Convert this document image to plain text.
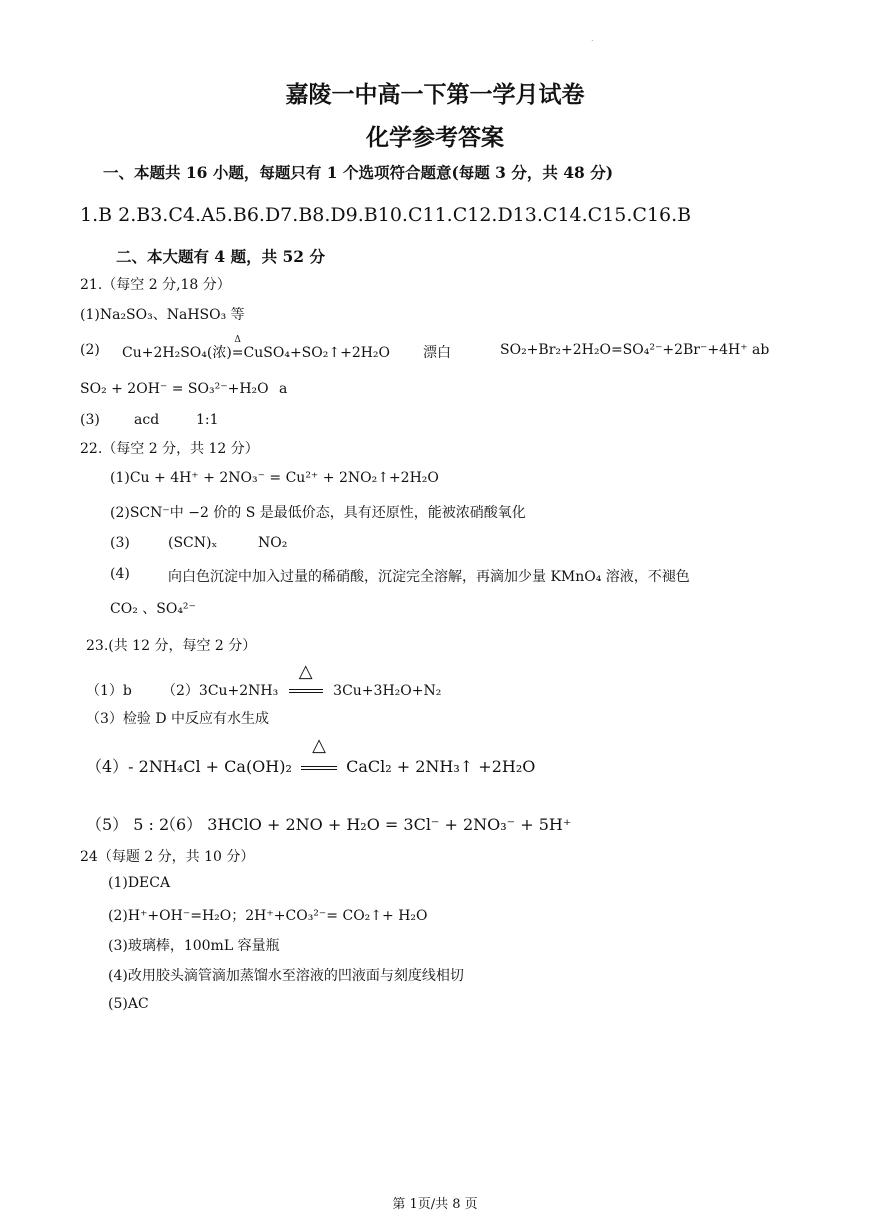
.
嘉陵一中高一下第一学月试卷
化学参考答案
一、本题共 16 小题，每题只有 1 个选项符合题意(每题 3 分，共 48 分)
1.B 2.B3.C4.A5.B6.D7.B8.D9.B10.C11.C12.D13.C14.C15.C16.B
二、本大题有 4 题，共 52 分
21.（每空 2 分,18 分）
(1)Na₂SO₃、NaHSO₃ 等
(2) Cu+2H₂SO₄(浓)
Δ
=CuSO₄+SO₂↑+2H₂O 漂白	SO₂+Br₂+2H₂O=SO₄²⁻+2Br⁻+4H⁺ ab
SO₂ + 2OH⁻ = SO₃²⁻+H₂O a
(3) acd	1:1
22.（每空 2 分，共 12 分）
(1)Cu + 4H⁺ + 2NO₃⁻ = Cu²⁺ + 2NO₂↑+2H₂O
(2)SCN⁻中 −2 价的 S 是最低价态，具有还原性，能被浓硝酸氧化
(3)	(SCN)ₓ	NO₂
(4)	向白色沉淀中加入过量的稀硝酸，沉淀完全溶解，再滴加少量 KMnO₄ 溶液，不褪色
CO₂ 、SO₄²⁻
23.(共 12 分，每空 2 分）
（1）b （2）3Cu+2NH₃
△
3Cu+3H₂O+N₂
（3）检验 D 中反应有水生成
（4）- 2NH₄Cl + Ca(OH)₂
△
CaCl₂ + 2NH₃↑ +2H₂O
（5） 5 : 2
（6） 3HClO + 2NO + H₂O = 3Cl⁻ + 2NO₃⁻ + 5H⁺
24（每题 2 分，共 10 分）
(1)DECA
(2)H⁺+OH⁻=H₂O；2H⁺+CO₃²⁻= CO₂↑+ H₂O
(3)玻璃棒，100mL 容量瓶
(4)改用胶头滴管滴加蒸馏水至溶液的凹液面与刻度线相切
(5)AC
第 1页/共 8 页
